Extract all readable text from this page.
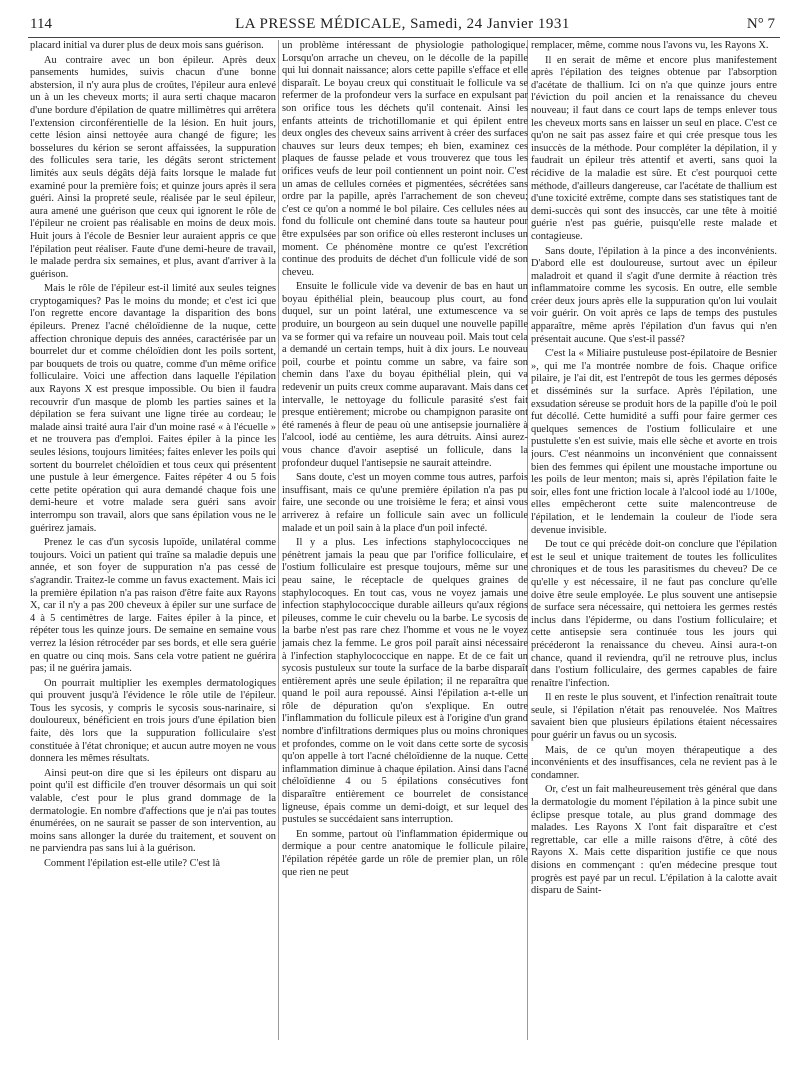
114	LA PRESSE MÉDICALE, Samedi, 24 Janvier 1931	N° 7

placard initial va durer plus de deux mois sans guérison.

Au contraire avec un bon épileur. Après deux pansements humides, suivis chacun d'une bonne abstersion, il n'y aura plus de croûtes, l'épileur aura enlevé un à un les cheveux morts; il aura serti chaque macaron d'une bordure d'épilation de quatre millimètres qui arrêtera l'extension circonférentielle de la lésion. En huit jours, cette lésion ainsi nettoyée aura changé de figure; les bosselures du kérion se seront affaissées, la suppuration des follicules sera tarie, les dégâts seront strictement limités aux seuls dégâts déjà faits lorsque le malade fut examiné pour la première fois; et quinze jours après il sera guéri. Ainsi la propreté seule, réalisée par le seul épileur, aura amené une guérison que ceux qui ignorent le rôle de l'épileur ne croient pas réalisable en moins de deux mois. Huit jours à l'école de Besnier leur auraient appris ce que l'épilation peut réaliser. Faute d'une demi-heure de travail, le malade perdra six semaines, et plus, avant d'arriver à la guérison.

Mais le rôle de l'épileur est-il limité aux seules teignes cryptogamiques? Pas le moins du monde; et c'est ici que l'on regrette encore davantage la disparition des bons épileurs. Prenez l'acné chéloïdienne de la nuque, cette affection chronique depuis des années, caractérisée par un bourrelet dur et comme chéloïdien dont les poils sortent, par bouquets de trois ou quatre, comme d'un même orifice folliculaire. Voici une affection dans laquelle l'épilation aux Rayons X est presque impossible. Ou bien il faudra recouvrir d'un masque de plomb les parties saines et la dépilation se fera suivant une ligne tirée au cordeau; le malade ainsi traité aura l'air d'un moine rasé « à l'écuelle » et ne trouvera pas d'emploi. Faites épiler à la pince les seules lésions, toujours limitées; faites enlever les poils qui sortent du bourrelet chéloïdien et tous ceux qui présentent une pustule à leur émergence. Faites répéter 4 ou 5 fois cette petite opération qui aura demandé chaque fois une demi-heure et votre malade sera guéri sans avoir interrompu son travail, alors que sans épilation vous ne le guérirez jamais.

Prenez le cas d'un sycosis lupoïde, unilatéral comme toujours. Voici un patient qui traîne sa maladie depuis une année, et son foyer de suppuration n'a pas cessé de s'agrandir. Traitez-le comme un favus exactement. Mais ici la première épilation n'a pas raison d'être faite aux Rayons X, car il n'y a pas 200 cheveux à épiler sur une surface de 4 à 5 centimètres de large. Faites épiler à la pince, et répéter tous les quinze jours. De semaine en semaine vous verrez la lésion rétrocéder par ses bords, et elle sera guérie en quatre ou cinq mois. Sans cela votre patient ne guérira pas; il ne guérira jamais.

On pourrait multiplier les exemples dermatologiques qui prouvent jusqu'à l'évidence le rôle utile de l'épileur. Tous les sycosis, y compris le sycosis sous-narinaire, si douloureux, bénéficient en trois jours d'une épilation bien faite, dès lors que la suppuration folliculaire s'est constituée à l'état chronique; et aucun autre moyen ne vous donnera les mêmes résultats.

Ainsi peut-on dire que si les épileurs ont disparu au point qu'il est difficile d'en trouver désormais un qui soit valable, c'est pour le plus grand dommage de la dermatologie. En nombre d'affections que je n'ai pas toutes énumérées, on ne saurait se passer de son intervention, au moins sans allonger la durée du traitement, et souvent on ne parviendra pas sans lui à la guérison.

Comment l'épilation est-elle utile? C'est là

un problème intéressant de physiologie pathologique. Lorsqu'on arrache un cheveu, on le décolle de la papille qui lui donnait naissance; alors cette papille s'efface et elle disparaît. Le boyau creux qui constituait le follicule va se refermer de la profondeur vers la surface en expulsant par son orifice tous les déchets qu'il contenait. Ainsi les enfants atteints de trichotillomanie et qui épilent entre deux ongles des cheveux sains arrivent à créer des surfaces chauves sur leurs deux tempes; eh bien, examinez ces plaques de fausse pelade et vous trouverez que tous les orifices veufs de leur poil contiennent un point noir. C'est un amas de cellules cornées et pigmentées, sécrétées sans ordre par la papille, après l'arrachement de son cheveu; c'est ce qu'on a nommé le bol pilaire. Ces cellules nées au fond du follicule ont cheminé dans toute sa hauteur pour être expulsées par son orifice où elles resteront incluses un moment. Ce phénomène montre ce qu'est l'excrétion continue des produits de déchet d'un follicule vidé de son cheveu.

Ensuite le follicule vide va devenir de bas en haut un boyau épithélial plein, beaucoup plus court, au fond duquel, sur un point latéral, une extumescence va se produire, un bourgeon au sein duquel une nouvelle papille va se former qui va refaire un nouveau poil. Mais tout cela a demandé un certain temps, huit à dix jours. Le nouveau poil, courbe et pointu comme un sabre, va faire son chemin dans l'axe du boyau épithélial plein, qui va redevenir un puits creux comme auparavant. Mais dans cet intervalle, le nettoyage du follicule parasité s'est fait presque entièrement; microbe ou champignon parasite ont été ramenés à fleur de peau où une antisepsie journalière à l'alcool, iodé au centième, les aura détruits. Ainsi aurez-vous chance d'avoir aseptisé un follicule, dans la profondeur duquel l'antisepsie ne saurait atteindre.

Sans doute, c'est un moyen comme tous autres, parfois insuffisant, mais ce qu'une première épilation n'a pas pu faire, une seconde ou une troisième le fera; et ainsi vous arriverez à refaire un follicule sain avec un follicule malade et un poil sain à la place d'un poil infecté.

Il y a plus. Les infections staphylococciques ne pénètrent jamais la peau que par l'orifice folliculaire, et l'ostium folliculaire est presque toujours, même sur une peau saine, le réceptacle de quelques graines de staphylocoques. En tout cas, vous ne voyez jamais une infection staphylococcique durable ailleurs qu'aux régions pileuses, comme le cuir chevelu ou la barbe. Le sycosis de la barbe n'est pas rare chez l'homme et vous ne le voyez jamais chez la femme. Le gros poil paraît ainsi nécessaire à l'infection staphylococcique en nappe. Et de ce fait un sycosis pustuleux sur toute la surface de la barbe disparaît entièrement après une seule épilation; il ne reparaîtra que quand le poil aura repoussé. Ainsi l'épilation a-t-elle un rôle de dépuration qu'on s'explique. En outre l'inflammation du follicule pileux est à l'origine d'un grand nombre d'infiltrations dermiques plus ou moins chroniques et profondes, comme on le voit dans cette sorte de sycosis qu'on appelle à tort l'acné chéloïdienne de la nuque. Cette inflammation diminue à chaque épilation. Ainsi dans l'acné chéloïdienne 4 ou 5 épilations consécutives font disparaître entièrement ce bourrelet de consistance ligneuse, épais comme un demi-doigt, et sur lequel des pustules se succédaient sans interruption.

En somme, partout où l'inflammation épidermique ou dermique a pour centre anatomique le follicule pilaire, l'épilation répétée garde un rôle de premier plan, un rôle que rien ne peut

remplacer, même, comme nous l'avons vu, les Rayons X.

Il en serait de même et encore plus manifestement après l'épilation des teignes obtenue par l'absorption d'acétate de thallium. Ici on n'a que quinze jours entre l'éviction du poil ancien et la renaissance du cheveu nouveau; il faut dans ce court laps de temps enlever tous les cheveux morts sans en laisser un seul en place. C'est ce qu'on ne sait pas assez faire et qui crée presque tous les insuccès de la méthode. Pour compléter la dépilation, il y faudrait un épileur très attentif et averti, sans quoi la récidive de la maladie est sûre. Et c'est pourquoi cette méthode, d'ailleurs dangereuse, car l'acétate de thallium est d'une toxicité extrême, compte dans ses statistiques tant de demi-succès qui sont des insuccès, car une tête à moitié guérie n'est pas guérie, puisqu'elle reste malade et contagieuse.

Sans doute, l'épilation à la pince a des inconvénients. D'abord elle est douloureuse, surtout avec un épileur maladroit et quand il s'agit d'une dermite à réaction très inflammatoire comme les sycosis. En outre, elle semble créer deux jours après elle la suppuration qu'on lui voulait voir guérir. On voit après ce laps de temps des pustules apparaître, même après l'épilation d'un favus qui n'en présentait aucune. Que s'est-il passé?

C'est la « Miliaire pustuleuse post-épilatoire de Besnier », qui me l'a montrée nombre de fois. Chaque orifice pilaire, je l'ai dit, est l'entrepôt de tous les germes déposés et disséminés sur la surface. Après l'épilation, une exsudation séreuse se produit hors de la papille d'où le poil fut décollé. Cette humidité a suffi pour faire germer ces quelques semences de l'ostium folliculaire et une pustulette s'en est suivie, mais elle sèche et avorte en trois jours. C'est néanmoins un inconvénient que connaissent bien des femmes qui épilent une moustache importune ou les poils de leur menton; mais si, après l'épilation faite le soir, elles font une friction locale à l'alcool iodé au 1/100e, elles empêcheront cette suite malencontreuse de l'épilation, et le lendemain la couleur de l'iode sera devenue invisible.

De tout ce qui précède doit-on conclure que l'épilation est le seul et unique traitement de toutes les folliculites chroniques et de tous les parasitismes du cheveu? De ce qu'elle y est nécessaire, il ne faut pas conclure qu'elle doive être seule employée. Le plus souvent une antisepsie de surface sera nécessaire, qui nettoiera les germes restés inclus dans l'épiderme, ou dans l'ostium folliculaire; et cette antisepsie sera continuée tous les jours qui précéderont la renaissance du cheveu. Ainsi aura-t-on chance, quand il reviendra, qu'il ne retrouve plus, inclus dans l'ostium folliculaire, des germes capables de faire renaître l'infection.

Il en reste le plus souvent, et l'infection renaîtrait toute seule, si l'épilation n'était pas renouvelée. Nos Maîtres savaient bien que plusieurs épilations étaient nécessaires pour guérir un favus ou un sycosis.

Mais, de ce qu'un moyen thérapeutique a des inconvénients et des insuffisances, cela ne revient pas à le condamner.

Or, c'est un fait malheureusement très général que dans la dermatologie du moment l'épilation à la pince subit une éclipse presque totale, au plus grand dommage des malades. Les Rayons X l'ont fait disparaître et c'est regrettable, car elle a mille raisons d'être, à côté des Rayons X. Mais cette disparition justifie ce que nous disions en commençant : qu'en médecine presque tout progrès est payé par un recul. L'épilation à la calotte avait disparu de Saint-
